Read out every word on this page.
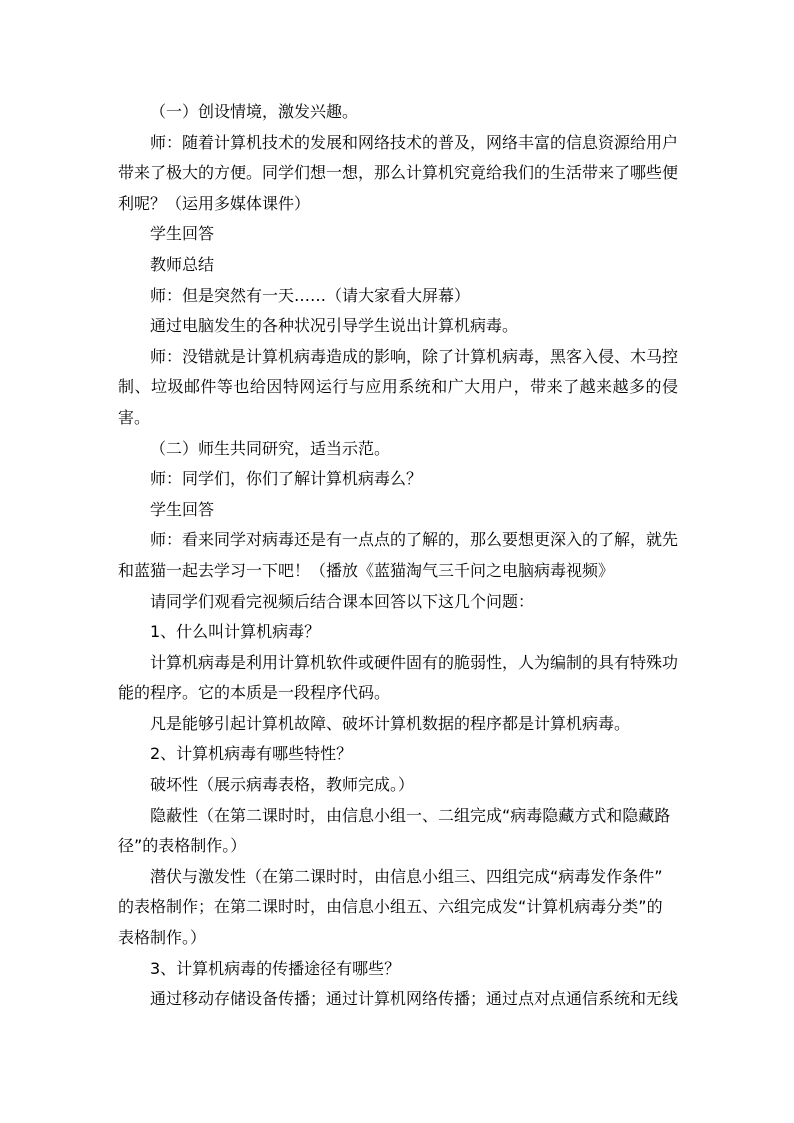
（一）创设情境，激发兴趣。
师：随着计算机技术的发展和网络技术的普及，网络丰富的信息资源给用户
带来了极大的方便。同学们想一想，那么计算机究竟给我们的生活带来了哪些便
利呢？（运用多媒体课件）
学生回答
教师总结
师：但是突然有一天……（请大家看大屏幕）
通过电脑发生的各种状况引导学生说出计算机病毒。
师：没错就是计算机病毒造成的影响，除了计算机病毒，黑客入侵、木马控
制、垃圾邮件等也给因特网运行与应用系统和广大用户，带来了越来越多的侵害。
（二）师生共同研究，适当示范。
师：同学们，你们了解计算机病毒么？
学生回答
师：看来同学对病毒还是有一点点的了解的，那么要想更深入的了解，就先
和蓝猫一起去学习一下吧！（播放《蓝猫淘气三千问之电脑病毒视频》
请同学们观看完视频后结合课本回答以下这几个问题：
1、什么叫计算机病毒？
计算机病毒是利用计算机软件或硬件固有的脆弱性，人为编制的具有特殊功
能的程序。它的本质是一段程序代码。
凡是能够引起计算机故障、破坏计算机数据的程序都是计算机病毒。
2、计算机病毒有哪些特性？
破坏性（展示病毒表格，教师完成。）
隐蔽性（在第二课时时，由信息小组一、二组完成“病毒隐藏方式和隐藏路
径”的表格制作。）
潜伏与激发性（在第二课时时，由信息小组三、四组完成“病毒发作条件”
的表格制作；在第二课时时，由信息小组五、六组完成发“计算机病毒分类”的
表格制作。）
3、计算机病毒的传播途径有哪些？
通过移动存储设备传播；通过计算机网络传播；通过点对点通信系统和无线
